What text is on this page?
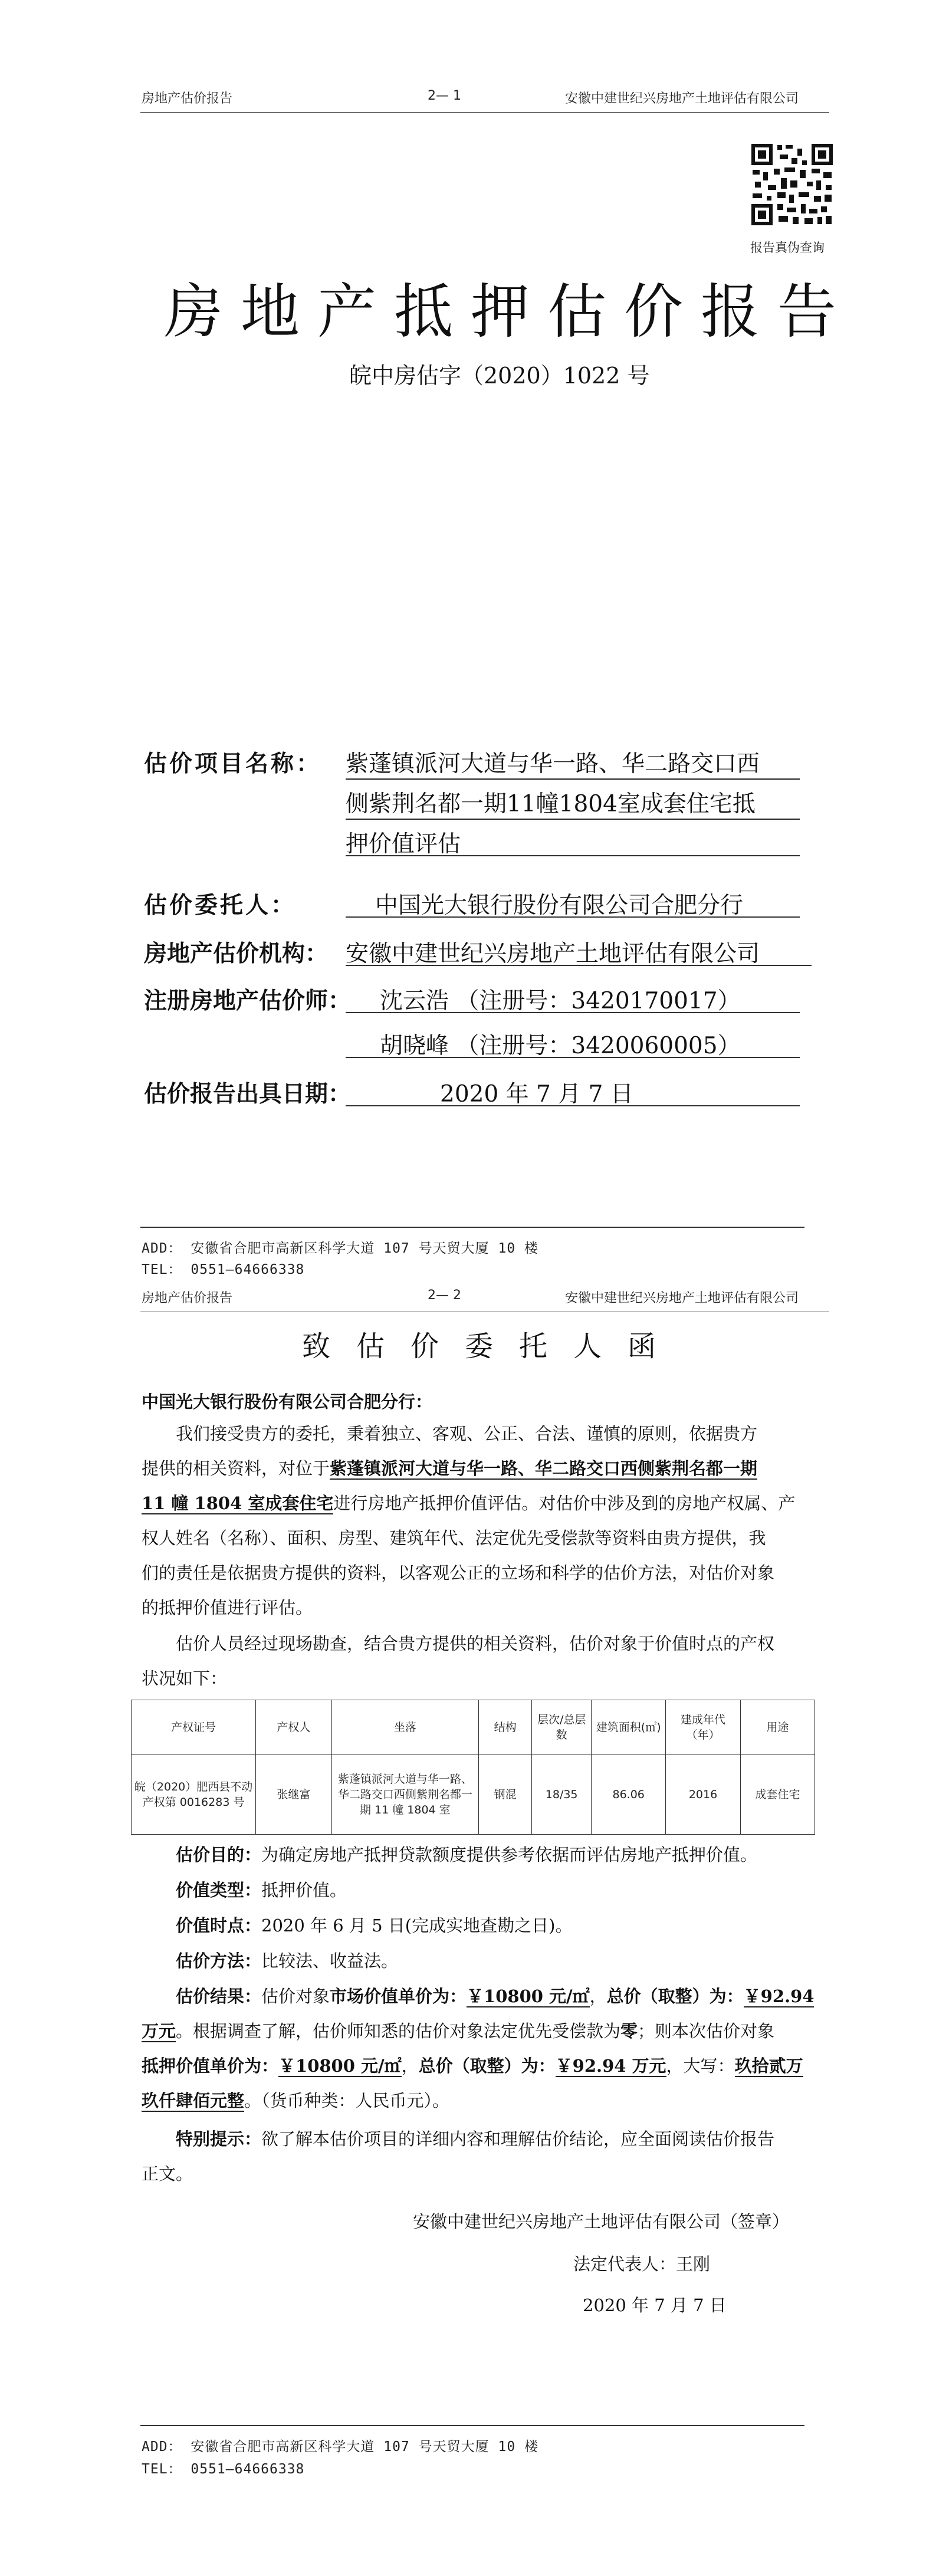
房地产估价报告	2— 1	安徽中建世纪兴房地产土地评估有限公司
报告真伪查询
房地产抵押估价报告
皖中房估字（2020）1022 号
估价项目名称： 紫蓬镇派河大道与华一路、华二路交口西
侧紫荆名都一期11幢1804室成套住宅抵
押价值评估
估价委托人：	中国光大银行股份有限公司合肥分行
房地产估价机构： 安徽中建世纪兴房地产土地评估有限公司
注册房地产估价师：	沈云浩 （注册号：3420170017）
胡晓峰 （注册号：3420060005）
估价报告出具日期：	2020 年 7 月 7 日
ADD： 安徽省合肥市高新区科学大道 107 号天贸大厦 10 楼
TEL： 0551—64666338
房地产估价报告	2— 2	安徽中建世纪兴房地产土地评估有限公司
致估价委托人函
中国光大银行股份有限公司合肥分行：
我们接受贵方的委托，秉着独立、客观、公正、合法、谨慎的原则，依据贵方
提供的相关资料，对位于紫蓬镇派河大道与华一路、华二路交口西侧紫荆名都一期
11 幢 1804 室成套住宅进行房地产抵押价值评估。对估价中涉及到的房地产权属、产
权人姓名（名称）、面积、房型、建筑年代、法定优先受偿款等资料由贵方提供，我
们的责任是依据贵方提供的资料，以客观公正的立场和科学的估价方法，对估价对象
的抵押价值进行评估。
估价人员经过现场勘查，结合贵方提供的相关资料，估价对象于价值时点的产权
状况如下：
产权证号	产权人	坐落	结构	层次/总层数	建筑面积(㎡)	建成年代（年）	用途
皖（2020）肥西县不动产权第 0016283 号	张继富	紫蓬镇派河大道与华一路、华二路交口西侧紫荆名都一期 11 幢 1804 室	钢混	18/35	86.06	2016	成套住宅
估价目的：为确定房地产抵押贷款额度提供参考依据而评估房地产抵押价值。
价值类型：抵押价值。
价值时点：2020 年 6 月 5 日(完成实地查勘之日)。
估价方法：比较法、收益法。
估价结果：估价对象市场价值单价为：￥10800 元/㎡，总价（取整）为：￥92.94
万元。根据调查了解，估价师知悉的估价对象法定优先受偿款为零；则本次估价对象
抵押价值单价为：￥10800 元/㎡，总价（取整）为：￥92.94 万元，大写：玖拾贰万
玖仟肆佰元整。（货币种类：人民币元）。
特别提示：欲了解本估价项目的详细内容和理解估价结论，应全面阅读估价报告
正文。
安徽中建世纪兴房地产土地评估有限公司（签章）
法定代表人：王刚
2020 年 7 月 7 日
ADD： 安徽省合肥市高新区科学大道 107 号天贸大厦 10 楼
TEL： 0551—64666338
